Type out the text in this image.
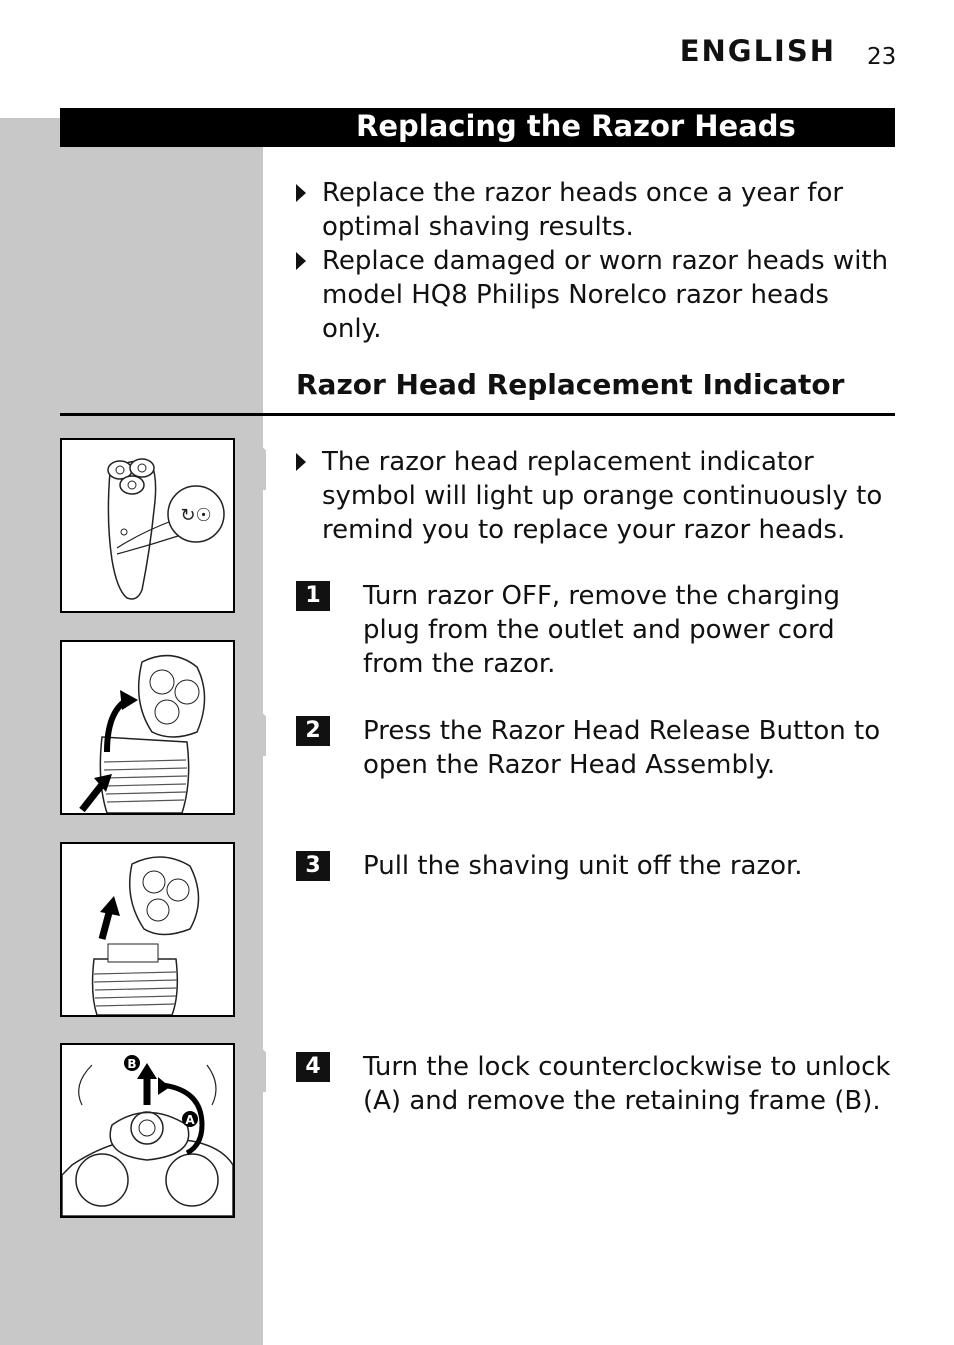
ENGLISH 23
Replacing the Razor Heads
Replace the razor heads once a year for optimal shaving results.
Replace damaged or worn razor heads with model HQ8 Philips Norelco razor heads only.
Razor Head Replacement Indicator
The razor head replacement indicator symbol will light up orange continuously to remind you to replace your razor heads.
1	Turn razor OFF, remove the charging plug from the outlet and power cord from the razor.
2	Press the Razor Head Release Button to open the Razor Head Assembly.
3	Pull the shaving unit off the razor.
4	Turn the lock counterclockwise to unlock (A) and remove the retaining frame (B).
↻☉
B
A
